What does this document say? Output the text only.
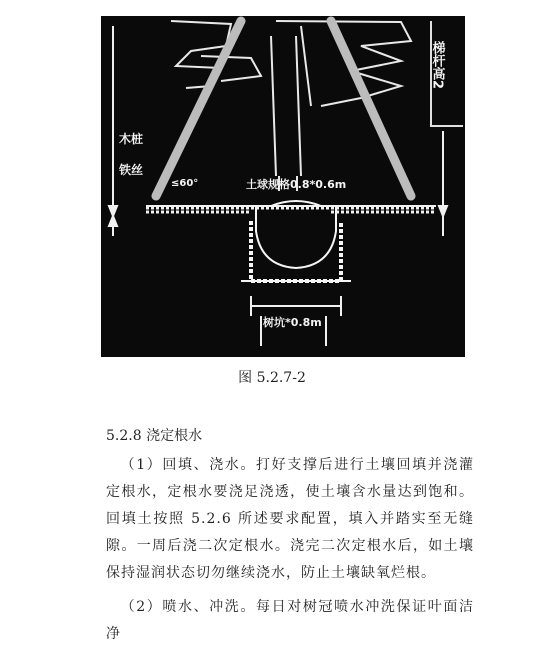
木桩
铁丝
≤60°	土球规格0.8*0.6m
树坑*0.8m
梯杆高2
图 5.2.7-2
5.2.8 浇定根水
（1）回填、浇水。打好支撑后进行土壤回填并浇灌定根水，定根水要浇足浇透，使土壤含水量达到饱和。回填土按照 5.2.6 所述要求配置，填入并踏实至无缝隙。一周后浇二次定根水。浇完二次定根水后，如土壤保持湿润状态切勿继续浇水，防止土壤缺氧烂根。
（2）喷水、冲洗。每日对树冠喷水冲洗保证叶面洁净
